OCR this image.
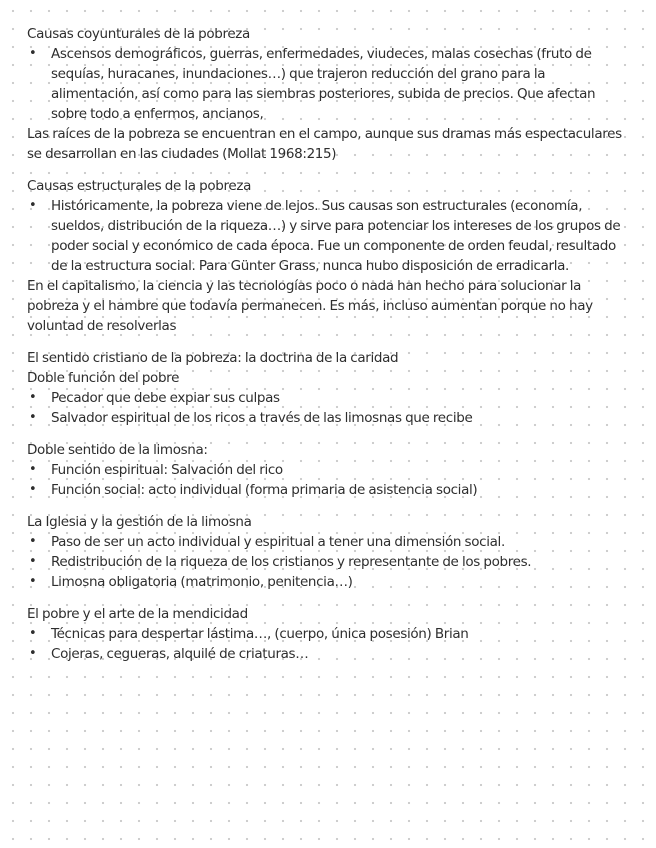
Causas coyunturales de la pobreza

• Ascensos demográficos, guerras, enfermedades, viudeces, malas cosechas (fruto de sequías, huracanes, inundaciones…) que trajeron reducción del grano para la alimentación, así como para las siembras posteriores, subida de precios. Que afectan sobre todo a enfermos, ancianos,

Las raíces de la pobreza se encuentran en el campo, aunque sus dramas más espectaculares se desarrollan en las ciudades (Mollat 1968:215)

Causas estructurales de la pobreza

• Históricamente, la pobreza viene de lejos. Sus causas son estructurales (economía, sueldos, distribución de la riqueza…) y sirve para potenciar los intereses de los grupos de poder social y económico de cada época. Fue un componente de orden feudal, resultado de la estructura social. Para Günter Grass, nunca hubo disposición de erradicarla.

En el capitalismo, la ciencia y las tecnologías poco o nada han hecho para solucionar la pobreza y el hambre que todavía permanecen. Es más, incluso aumentan porque no hay voluntad de resolverlas

El sentido cristiano de la pobreza: la doctrina de la caridad

Doble función del pobre

• Pecador que debe expiar sus culpas
• Salvador espiritual de los ricos a través de las limosnas que recibe

Doble sentido de la limosna:

• Función espiritual: Salvación del rico
• Función social: acto individual (forma primaria de asistencia social)

La Iglesia y la gestión de la limosna

• Paso de ser un acto individual y espiritual a tener una dimensión social.
• Redistribución de la riqueza de los cristianos y representante de los pobres.
• Limosna obligatoria (matrimonio, penitencia…)

El pobre y el arte de la mendicidad

• Técnicas para despertar lástima…, (cuerpo, única posesión) Brian
• Cojeras, cegueras, alquilé de criaturas…
